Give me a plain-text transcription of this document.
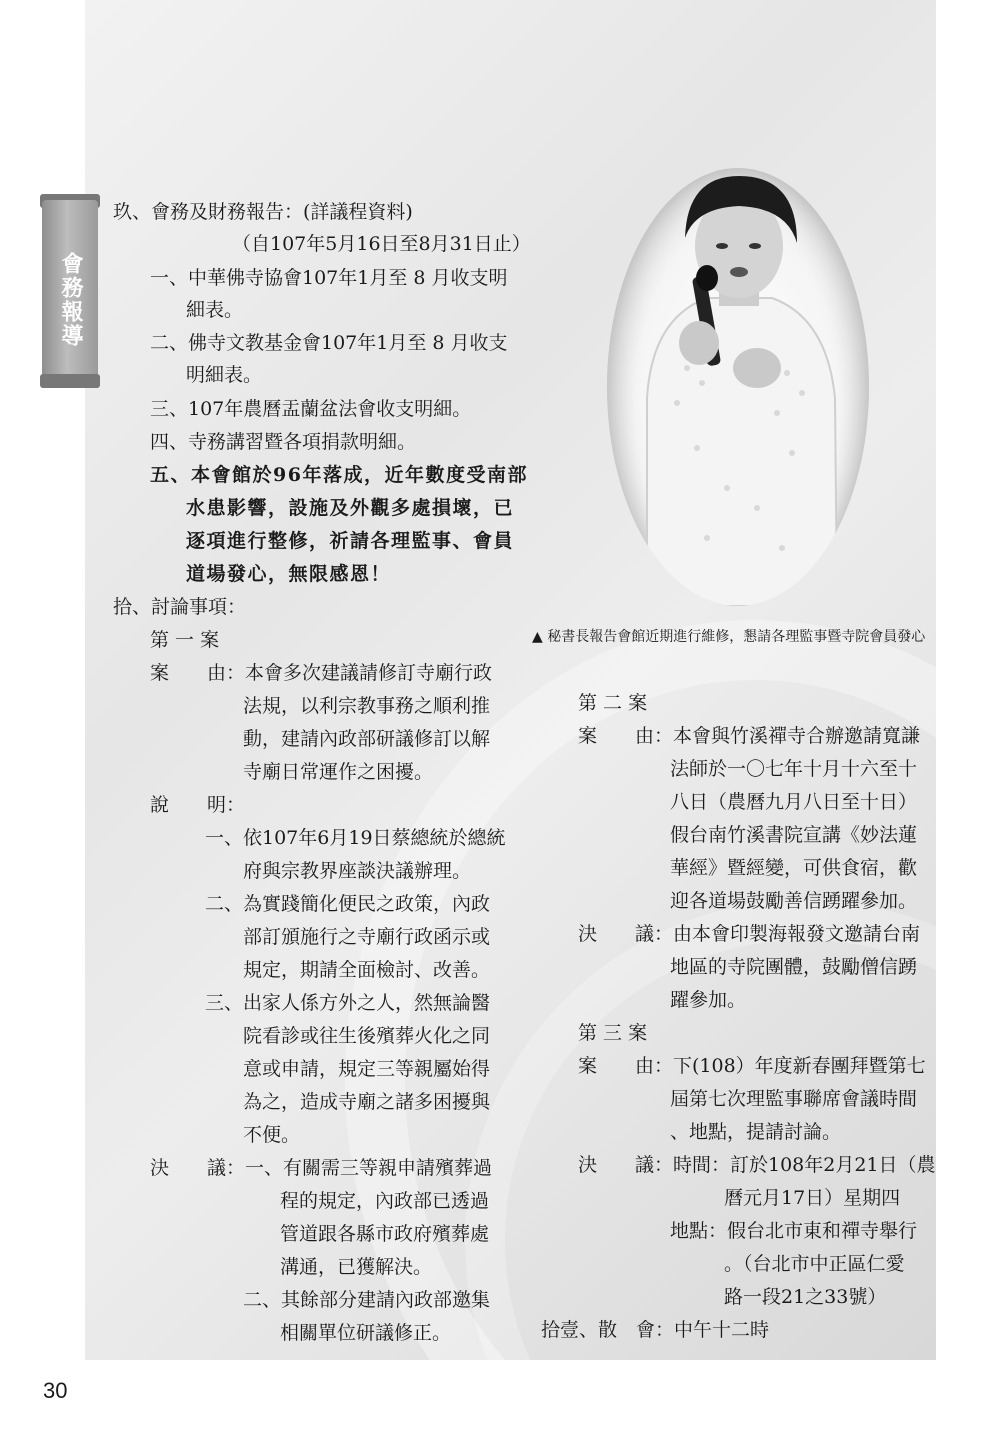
會務報導
玖、會務及財務報告：(詳議程資料)
（自107年5月16日至8月31日止）
一、中華佛寺協會107年1月至 8 月收支明
細表。
二、佛寺文教基金會107年1月至 8 月收支
明細表。
三、107年農曆盂蘭盆法會收支明細。
四、寺務講習暨各項捐款明細。
五、本會館於96年落成，近年數度受南部
水患影響，設施及外觀多處損壞，已
逐項進行整修，祈請各理監事、會員
道場發心，無限感恩！
拾、討論事項：
第 一 案
案　　由：本會多次建議請修訂寺廟行政
法規，以利宗教事務之順利推
動，建請內政部研議修訂以解
寺廟日常運作之困擾。
說　　明：
一、依107年6月19日蔡總統於總統
府與宗教界座談決議辦理。
二、為實踐簡化便民之政策，內政
部訂頒施行之寺廟行政函示或
規定，期請全面檢討、改善。
三、出家人係方外之人，然無論醫
院看診或往生後殯葬火化之同
意或申請，規定三等親屬始得
為之，造成寺廟之諸多困擾與
不便。
決　　議：一、有關需三等親申請殯葬過
程的規定，內政部已透過
管道跟各縣市政府殯葬處
溝通，已獲解決。
二、其餘部分建請內政部邀集
相關單位研議修正。
▲ 秘書長報告會館近期進行維修，懇請各理監事暨寺院會員發心
第 二 案
案　　由：本會與竹溪禪寺合辦邀請寬謙
法師於一〇七年十月十六至十
八日（農曆九月八日至十日）
假台南竹溪書院宣講《妙法蓮
華經》暨經變，可供食宿，歡
迎各道場鼓勵善信踴躍參加。
決　　議：由本會印製海報發文邀請台南
地區的寺院團體，鼓勵僧信踴
躍參加。
第 三 案
案　　由：下(108）年度新春團拜暨第七
屆第七次理監事聯席會議時間
、地點，提請討論。
決　　議：時間：訂於108年2月21日（農
曆元月17日）星期四
地點：假台北市東和禪寺舉行
。（台北市中正區仁愛
路一段21之33號）
拾壹、散　會：中午十二時
30
